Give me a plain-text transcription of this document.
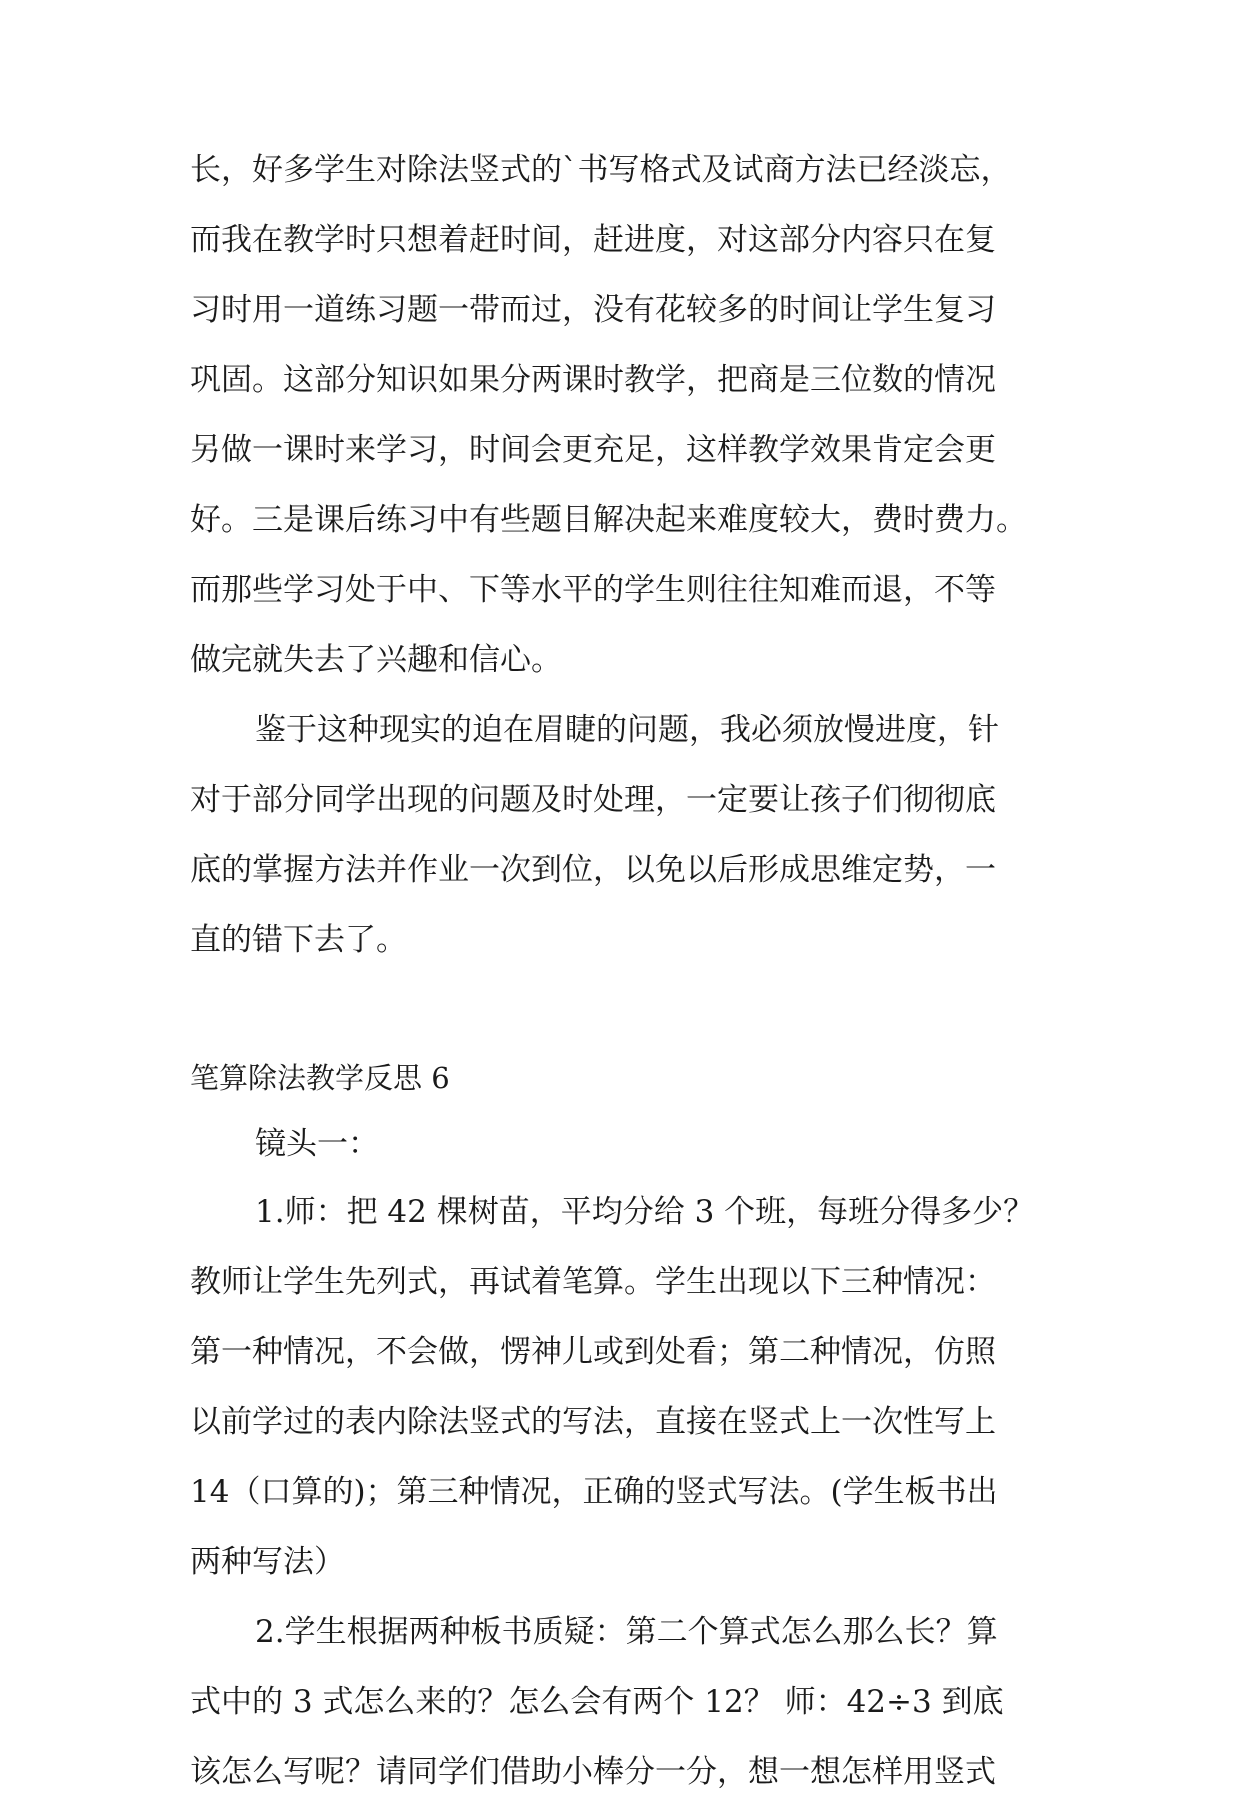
长，好多学生对除法竖式的`书写格式及试商方法已经淡忘，
而我在教学时只想着赶时间，赶进度，对这部分内容只在复
习时用一道练习题一带而过，没有花较多的时间让学生复习
巩固。这部分知识如果分两课时教学，把商是三位数的情况
另做一课时来学习，时间会更充足，这样教学效果肯定会更
好。三是课后练习中有些题目解决起来难度较大，费时费力。
而那些学习处于中、下等水平的学生则往往知难而退，不等
做完就失去了兴趣和信心。
鉴于这种现实的迫在眉睫的问题，我必须放慢进度，针
对于部分同学出现的问题及时处理，一定要让孩子们彻彻底
底的掌握方法并作业一次到位，以免以后形成思维定势，一
直的错下去了。
笔算除法教学反思 6
镜头一：
1.师：把 42 棵树苗，平均分给 3 个班，每班分得多少？
教师让学生先列式，再试着笔算。学生出现以下三种情况：
第一种情况，不会做，愣神儿或到处看；第二种情况，仿照
以前学过的表内除法竖式的写法，直接在竖式上一次性写上
14（口算的)；第三种情况，正确的竖式写法。(学生板书出
两种写法）
2.学生根据两种板书质疑：第二个算式怎么那么长？算
式中的 3 式怎么来的？怎么会有两个 12？ 师：42÷3 到底
该怎么写呢？请同学们借助小棒分一分，想一想怎样用竖式
